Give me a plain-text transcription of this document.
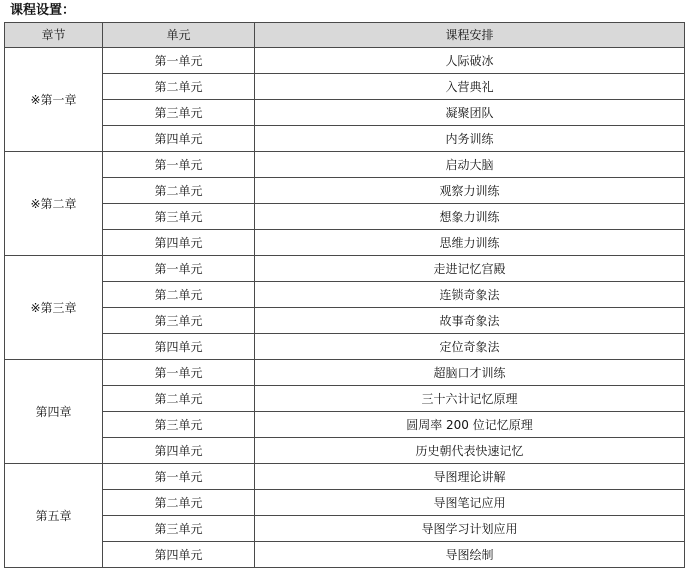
课程设置：
章节	单元	课程安排
※第一章	第一单元	人际破冰
	第二单元	入营典礼
	第三单元	凝聚团队
	第四单元	内务训练
※第二章	第一单元	启动大脑
	第二单元	观察力训练
	第三单元	想象力训练
	第四单元	思维力训练
※第三章	第一单元	走进记忆宫殿
	第二单元	连锁奇象法
	第三单元	故事奇象法
	第四单元	定位奇象法
第四章	第一单元	超脑口才训练
	第二单元	三十六计记忆原理
	第三单元	圆周率 200 位记忆原理
	第四单元	历史朝代表快速记忆
第五章	第一单元	导图理论讲解
	第二单元	导图笔记应用
	第三单元	导图学习计划应用
	第四单元	导图绘制
